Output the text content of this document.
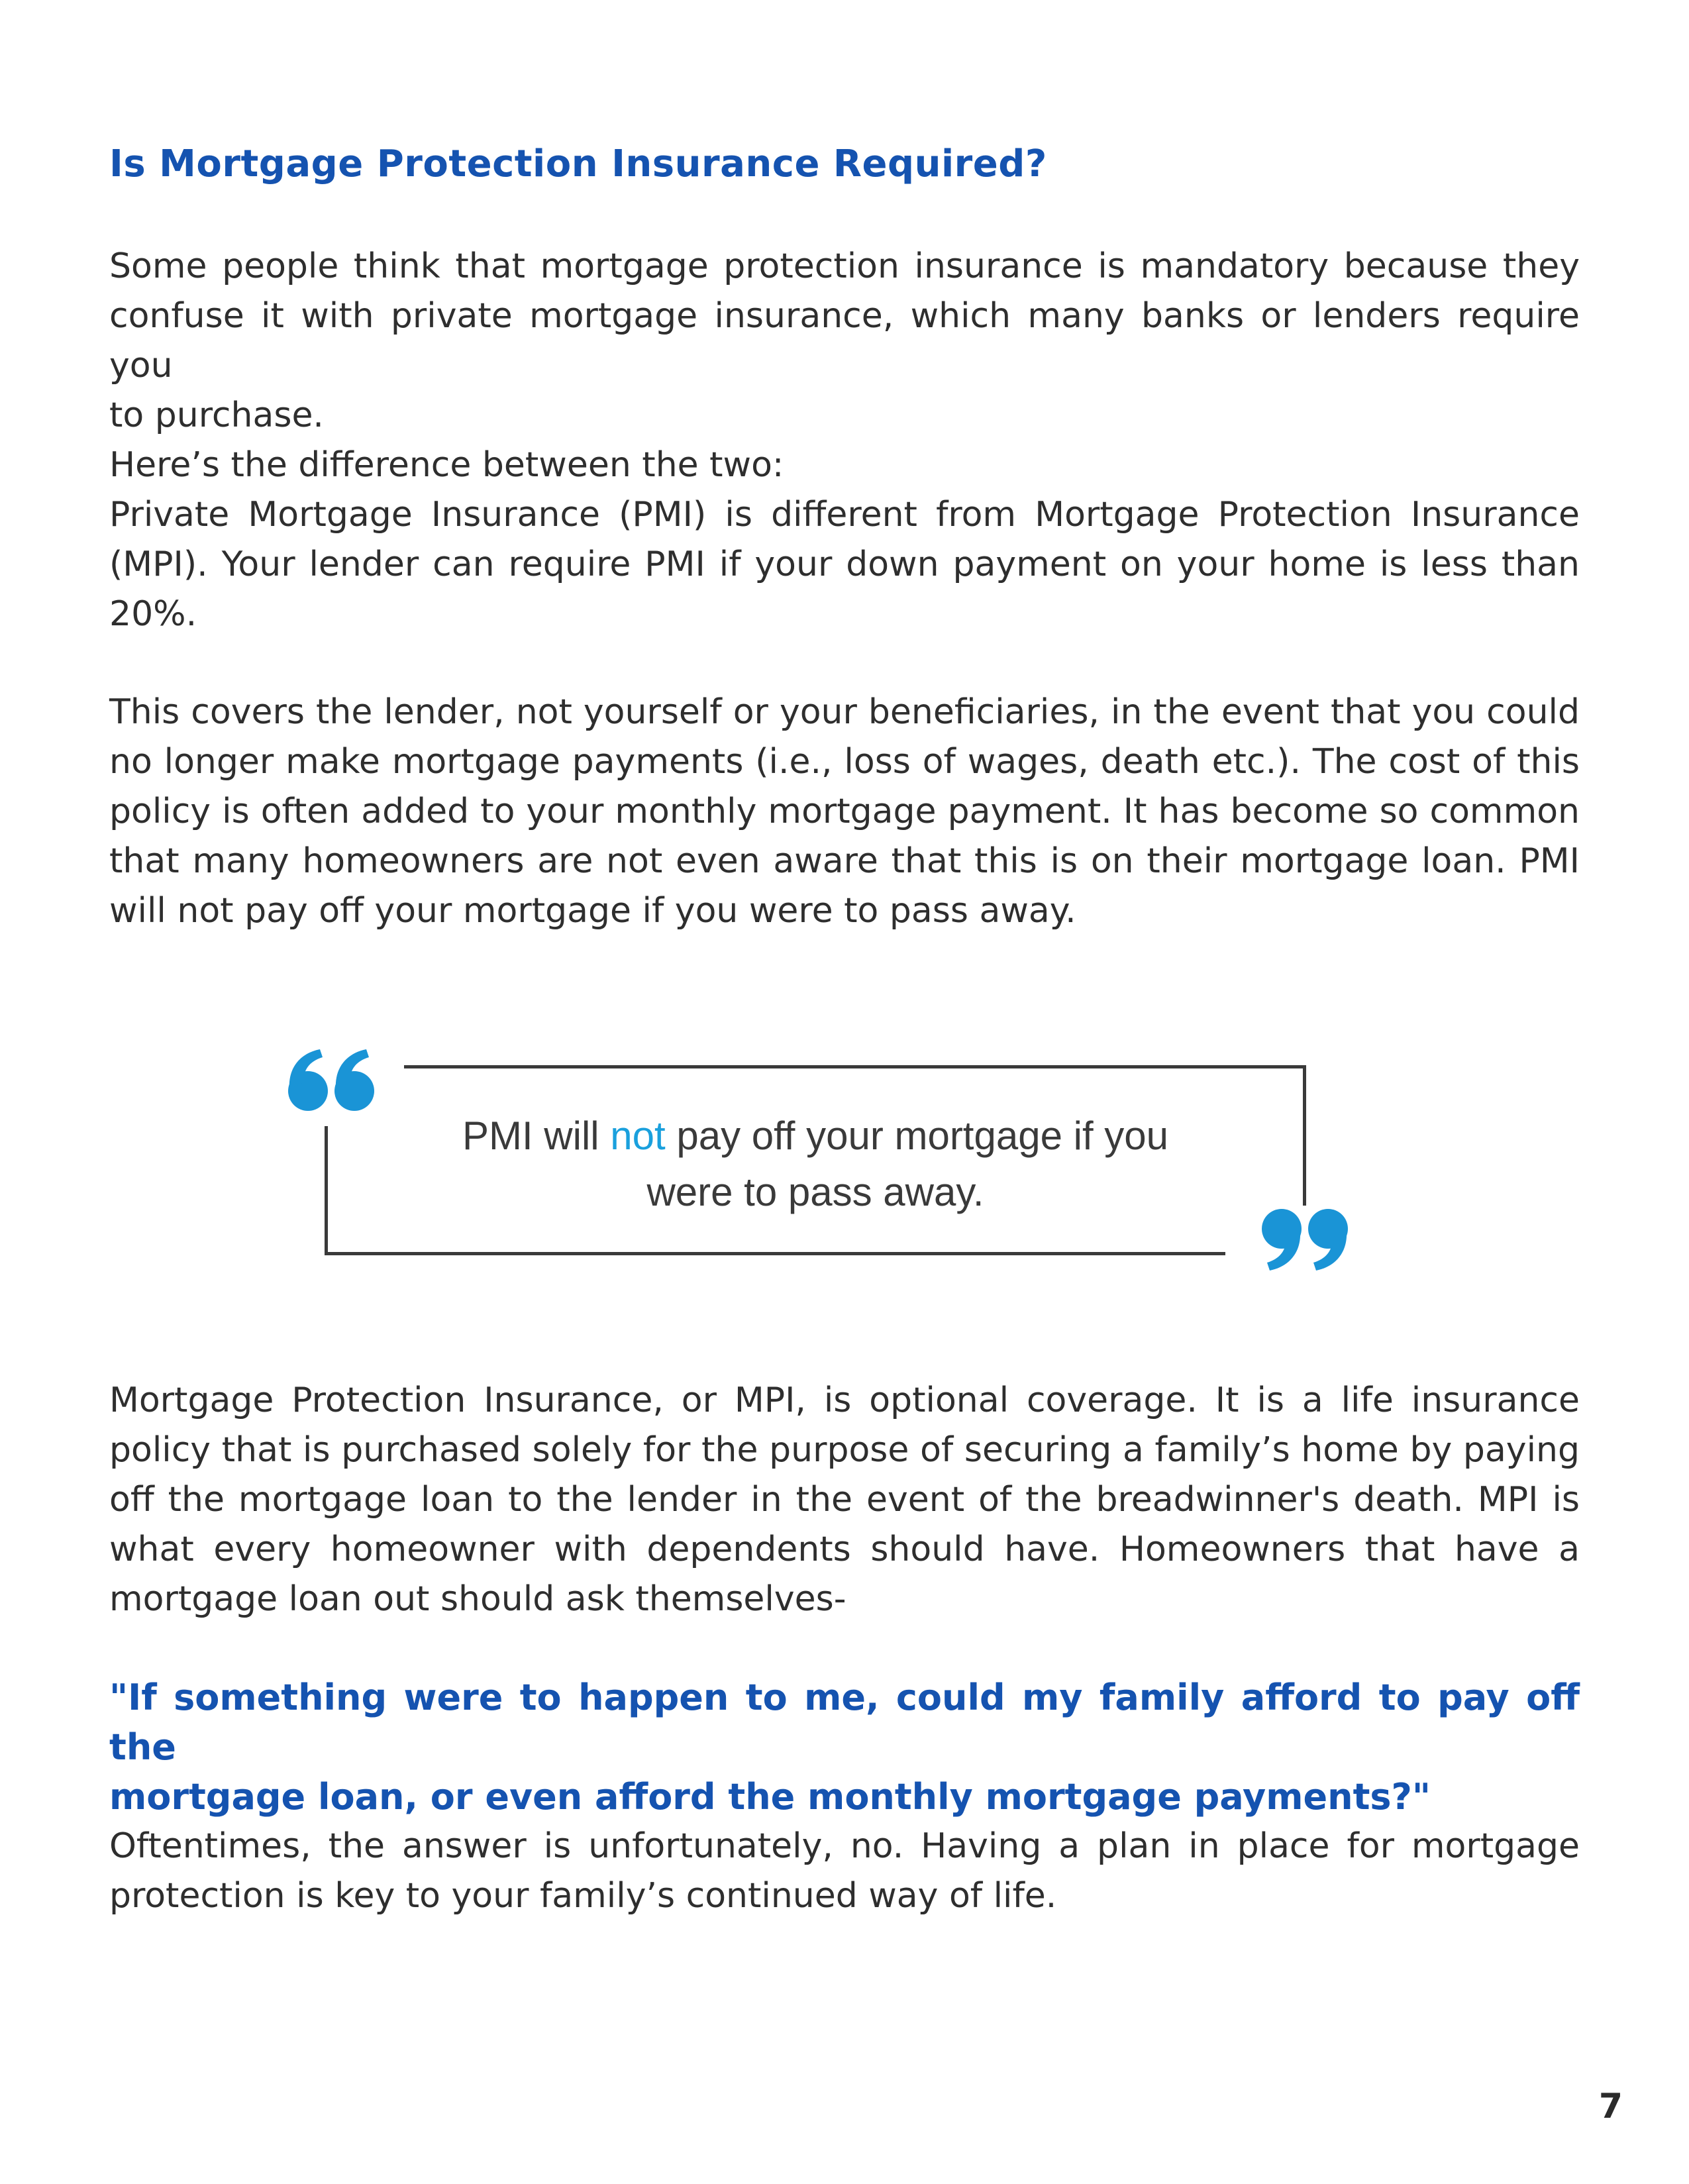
Is Mortgage Protection Insurance Required?

Some people think that mortgage protection insurance is mandatory because they
confuse it with private mortgage insurance, which many banks or lenders require you
to purchase.

Here’s the difference between the two:
Private Mortgage Insurance (PMI) is different from Mortgage Protection Insurance
(MPI). Your lender can require PMI if your down payment on your home is less than
20%.

This covers the lender, not yourself or your beneficiaries, in the event that you could
no longer make mortgage payments (i.e., loss of wages, death etc.). The cost of this
policy is often added to your monthly mortgage payment. It has become so common
that many homeowners are not even aware that this is on their mortgage loan. PMI
will not pay off your mortgage if you were to pass away.

PMI will not pay off your mortgage if you
were to pass away.

Mortgage Protection Insurance, or MPI, is optional coverage. It is a life insurance
policy that is purchased solely for the purpose of securing a family’s home by paying
off the mortgage loan to the lender in the event of the breadwinner's death. MPI is
what every homeowner with dependents should have. Homeowners that have a
mortgage loan out should ask themselves-

"If something were to happen to me, could my family afford to pay off the
mortgage loan, or even afford the monthly mortgage payments?"

Oftentimes, the answer is unfortunately, no. Having a plan in place for mortgage
protection is key to your family’s continued way of life.

7
